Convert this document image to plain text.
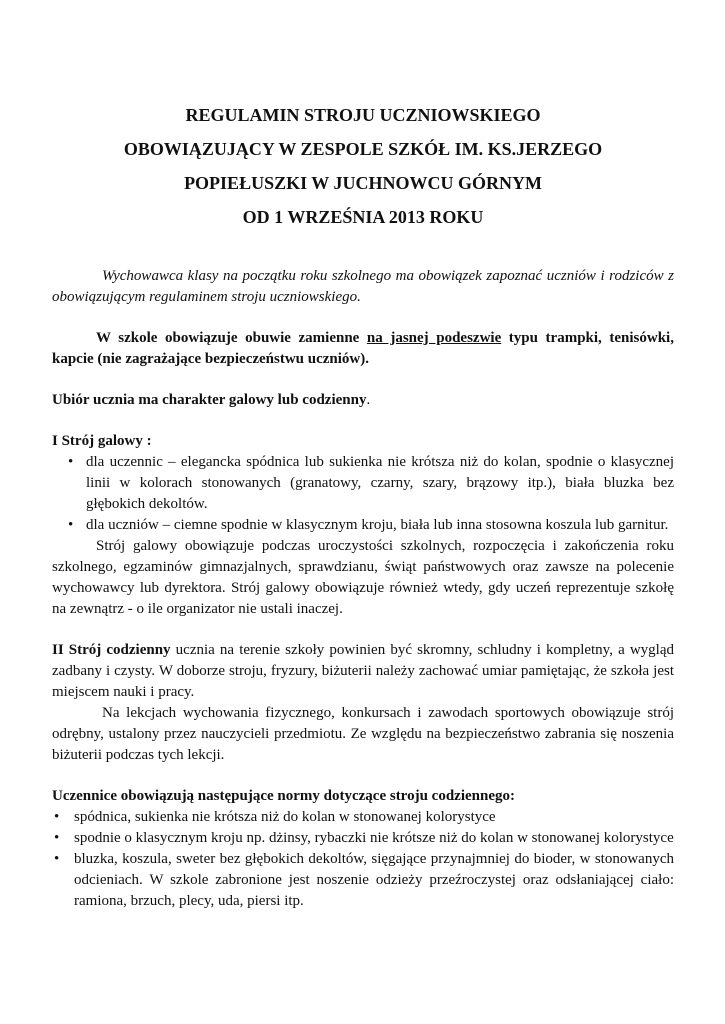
REGULAMIN STROJU UCZNIOWSKIEGO
OBOWIĄZUJĄCY W ZESPOLE SZKÓŁ IM. KS.JERZEGO
POPIEŁUSZKI W JUCHNOWCU GÓRNYM
OD 1 WRZEŚNIA 2013 ROKU

Wychowawca klasy na początku roku szkolnego ma obowiązek zapoznać uczniów i rodziców z obowiązującym regulaminem stroju uczniowskiego.

W szkole obowiązuje obuwie zamienne na jasnej podeszwie typu trampki, tenisówki, kapcie (nie zagrażające bezpieczeństwu uczniów).

Ubiór ucznia ma charakter galowy lub codzienny.

I Strój galowy :
• dla uczennic – elegancka spódnica lub sukienka nie krótsza niż do kolan, spodnie o klasycznej linii w kolorach stonowanych (granatowy, czarny, szary, brązowy itp.), biała bluzka bez głębokich dekoltów.
• dla uczniów – ciemne spodnie w klasycznym kroju, biała lub inna stosowna koszula lub garnitur.
Strój galowy obowiązuje podczas uroczystości szkolnych, rozpoczęcia i zakończenia roku szkolnego, egzaminów gimnazjalnych, sprawdzianu, świąt państwowych oraz zawsze na polecenie wychowawcy lub dyrektora. Strój galowy obowiązuje również wtedy, gdy uczeń reprezentuje szkołę na zewnątrz - o ile organizator nie ustali inaczej.
II Strój codzienny ucznia na terenie szkoły powinien być skromny, schludny i kompletny, a wygląd zadbany i czysty. W doborze stroju, fryzury, biżuterii należy zachować umiar pamiętając, że szkoła jest miejscem nauki i pracy.
Na lekcjach wychowania fizycznego, konkursach i zawodach sportowych obowiązuje strój odrębny, ustalony przez nauczycieli przedmiotu. Ze względu na bezpieczeństwo zabrania się noszenia biżuterii podczas tych lekcji.
Uczennice obowiązują następujące normy dotyczące stroju codziennego:
• spódnica, sukienka nie krótsza niż do kolan w stonowanej kolorystyce
• spodnie o klasycznym kroju np. dżinsy, rybaczki nie krótsze niż do kolan w stonowanej kolorystyce
• bluzka, koszula, sweter bez głębokich dekoltów, sięgające przynajmniej do bioder, w stonowanych odcieniach. W szkole zabronione jest noszenie odzieży przeźroczystej oraz odsłaniającej ciało: ramiona, brzuch, plecy, uda, piersi itp.
